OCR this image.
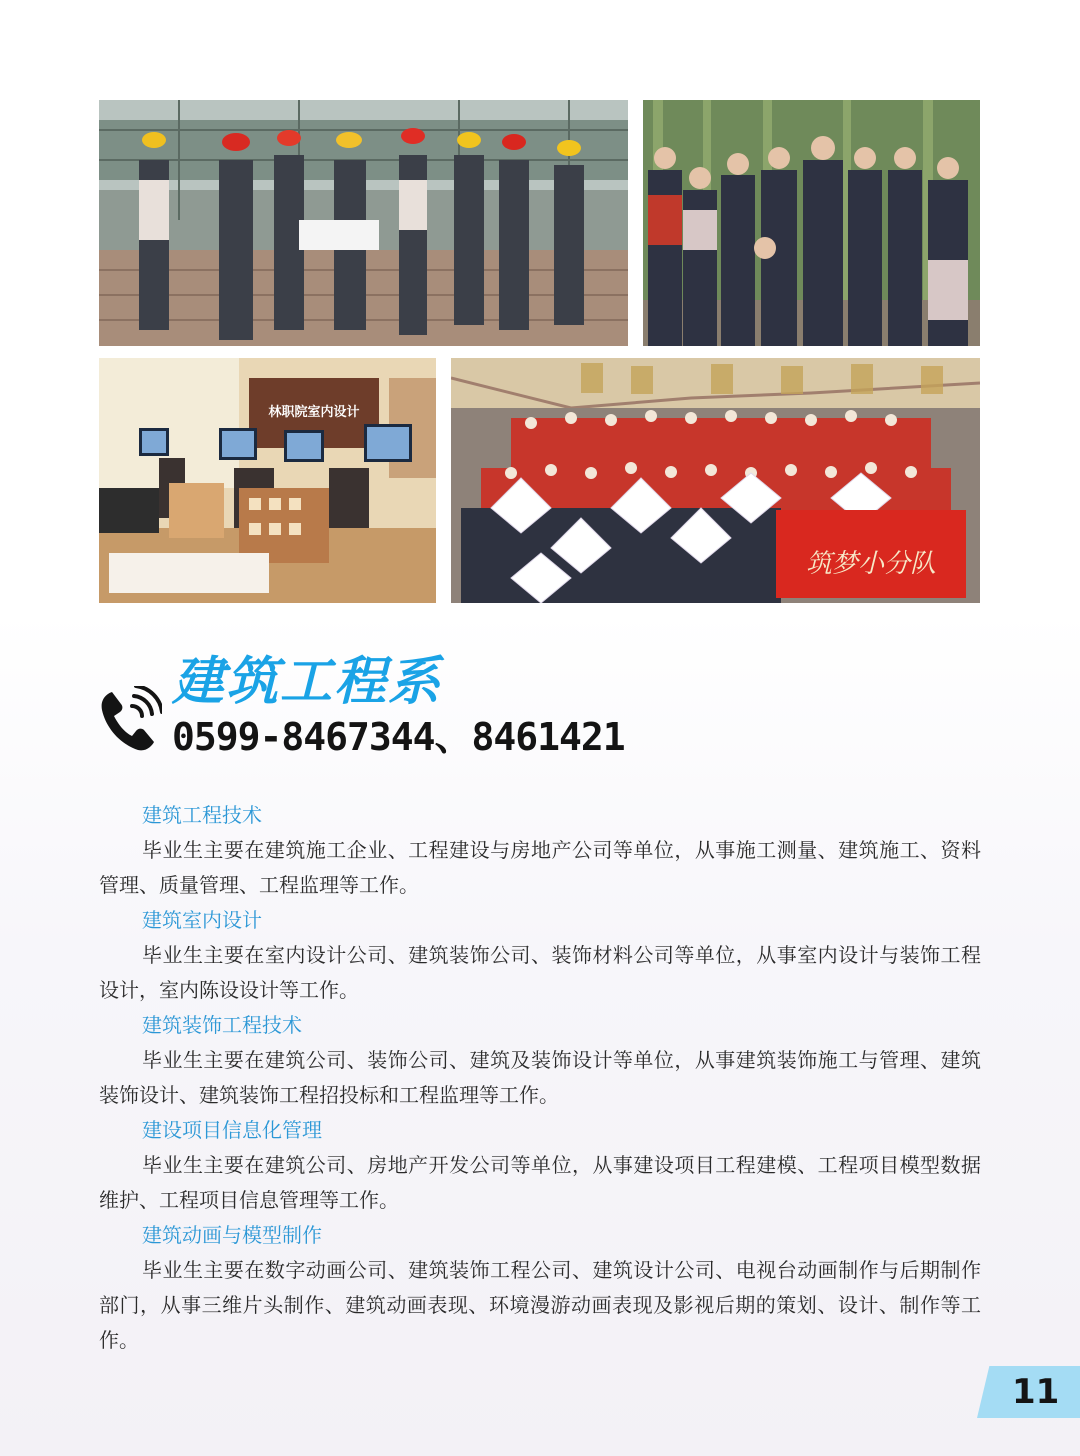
林职院室内设计
筑梦小分队
建筑工程系
0599-8467344、8461421
建筑工程技术

毕业生主要在建筑施工企业、工程建设与房地产公司等单位，从事施工测量、建筑施工、资料管理、质量管理、工程监理等工作。

建筑室内设计

毕业生主要在室内设计公司、建筑装饰公司、装饰材料公司等单位，从事室内设计与装饰工程设计，室内陈设设计等工作。

建筑装饰工程技术

毕业生主要在建筑公司、装饰公司、建筑及装饰设计等单位，从事建筑装饰施工与管理、建筑装饰设计、建筑装饰工程招投标和工程监理等工作。

建设项目信息化管理

毕业生主要在建筑公司、房地产开发公司等单位，从事建设项目工程建模、工程项目模型数据维护、工程项目信息管理等工作。

建筑动画与模型制作

毕业生主要在数字动画公司、建筑装饰工程公司、建筑设计公司、电视台动画制作与后期制作部门，从事三维片头制作、建筑动画表现、环境漫游动画表现及影视后期的策划、设计、制作等工作。

11
